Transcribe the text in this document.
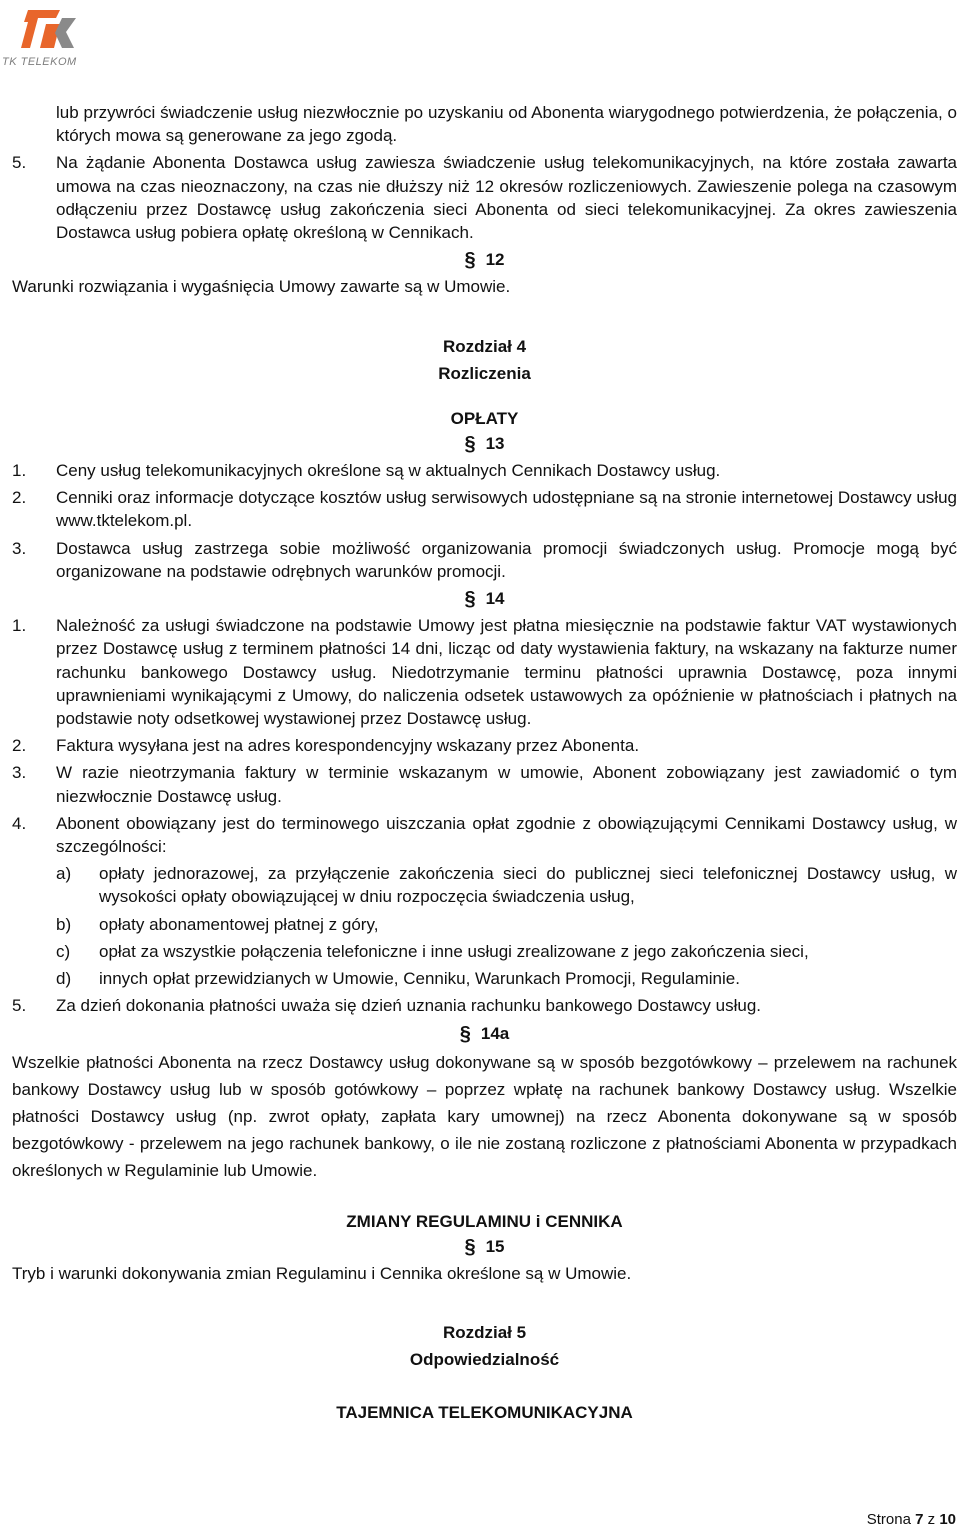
TK TELEKOM
lub przywróci świadczenie usług niezwłocznie po uzyskaniu od Abonenta wiarygodnego potwierdzenia, że połączenia, o których mowa są generowane za jego zgodą.
5.	Na żądanie Abonenta Dostawca usług zawiesza świadczenie usług telekomunikacyjnych, na które została zawarta umowa na czas nieoznaczony, na czas nie dłuższy niż 12 okresów rozliczeniowych. Zawieszenie polega na czasowym odłączeniu przez Dostawcę usług zakończenia sieci Abonenta od sieci telekomunikacyjnej. Za okres zawieszenia Dostawca usług pobiera opłatę określoną w Cennikach.
§ 12
Warunki rozwiązania i wygaśnięcia Umowy zawarte są w Umowie.
Rozdział 4
Rozliczenia
OPŁATY
§ 13
1.	Ceny usług telekomunikacyjnych określone są w aktualnych Cennikach Dostawcy usług.
2.	Cenniki oraz informacje dotyczące kosztów usług serwisowych udostępniane są na stronie internetowej Dostawcy usług www.tktelekom.pl.
3.	Dostawca usług zastrzega sobie możliwość organizowania promocji świadczonych usług. Promocje mogą być organizowane na podstawie odrębnych warunków promocji.
§ 14
1.	Należność za usługi świadczone na podstawie Umowy jest płatna miesięcznie na podstawie faktur VAT wystawionych przez Dostawcę usług z terminem płatności 14 dni, licząc od daty wystawienia faktury, na wskazany na fakturze numer rachunku bankowego Dostawcy usług. Niedotrzymanie terminu płatności uprawnia Dostawcę, poza innymi uprawnieniami wynikającymi z Umowy, do naliczenia odsetek ustawowych za opóźnienie w płatnościach i płatnych na podstawie noty odsetkowej wystawionej przez Dostawcę usług.
2.	Faktura wysyłana jest na adres korespondencyjny wskazany przez Abonenta.
3.	W razie nieotrzymania faktury w terminie wskazanym w umowie, Abonent zobowiązany jest zawiadomić o tym niezwłocznie Dostawcę usług.
4.	Abonent obowiązany jest do terminowego uiszczania opłat zgodnie z obowiązującymi Cennikami Dostawcy usług, w szczególności:
a)	opłaty jednorazowej, za przyłączenie zakończenia sieci do publicznej sieci telefonicznej Dostawcy usług, w wysokości opłaty obowiązującej w dniu rozpoczęcia świadczenia usług,
b)	opłaty abonamentowej płatnej z góry,
c)	opłat za wszystkie połączenia telefoniczne i inne usługi zrealizowane z jego zakończenia sieci,
d)	innych opłat przewidzianych w Umowie, Cenniku, Warunkach Promocji, Regulaminie.
5.	Za dzień dokonania płatności uważa się dzień uznania rachunku bankowego Dostawcy usług.
§ 14a
Wszelkie płatności Abonenta na rzecz Dostawcy usług dokonywane są w sposób bezgotówkowy – przelewem na rachunek bankowy Dostawcy usług lub w sposób gotówkowy – poprzez wpłatę na rachunek bankowy Dostawcy usług. Wszelkie płatności Dostawcy usług (np. zwrot opłaty, zapłata kary umownej) na rzecz Abonenta dokonywane są w sposób bezgotówkowy - przelewem na jego rachunek bankowy, o ile nie zostaną rozliczone z płatnościami Abonenta w przypadkach określonych w Regulaminie lub Umowie.
ZMIANY REGULAMINU i CENNIKA
§ 15
Tryb i warunki dokonywania zmian Regulaminu i Cennika określone są w Umowie.
Rozdział 5
Odpowiedzialność
TAJEMNICA TELEKOMUNIKACYJNA
Strona 7 z 10
